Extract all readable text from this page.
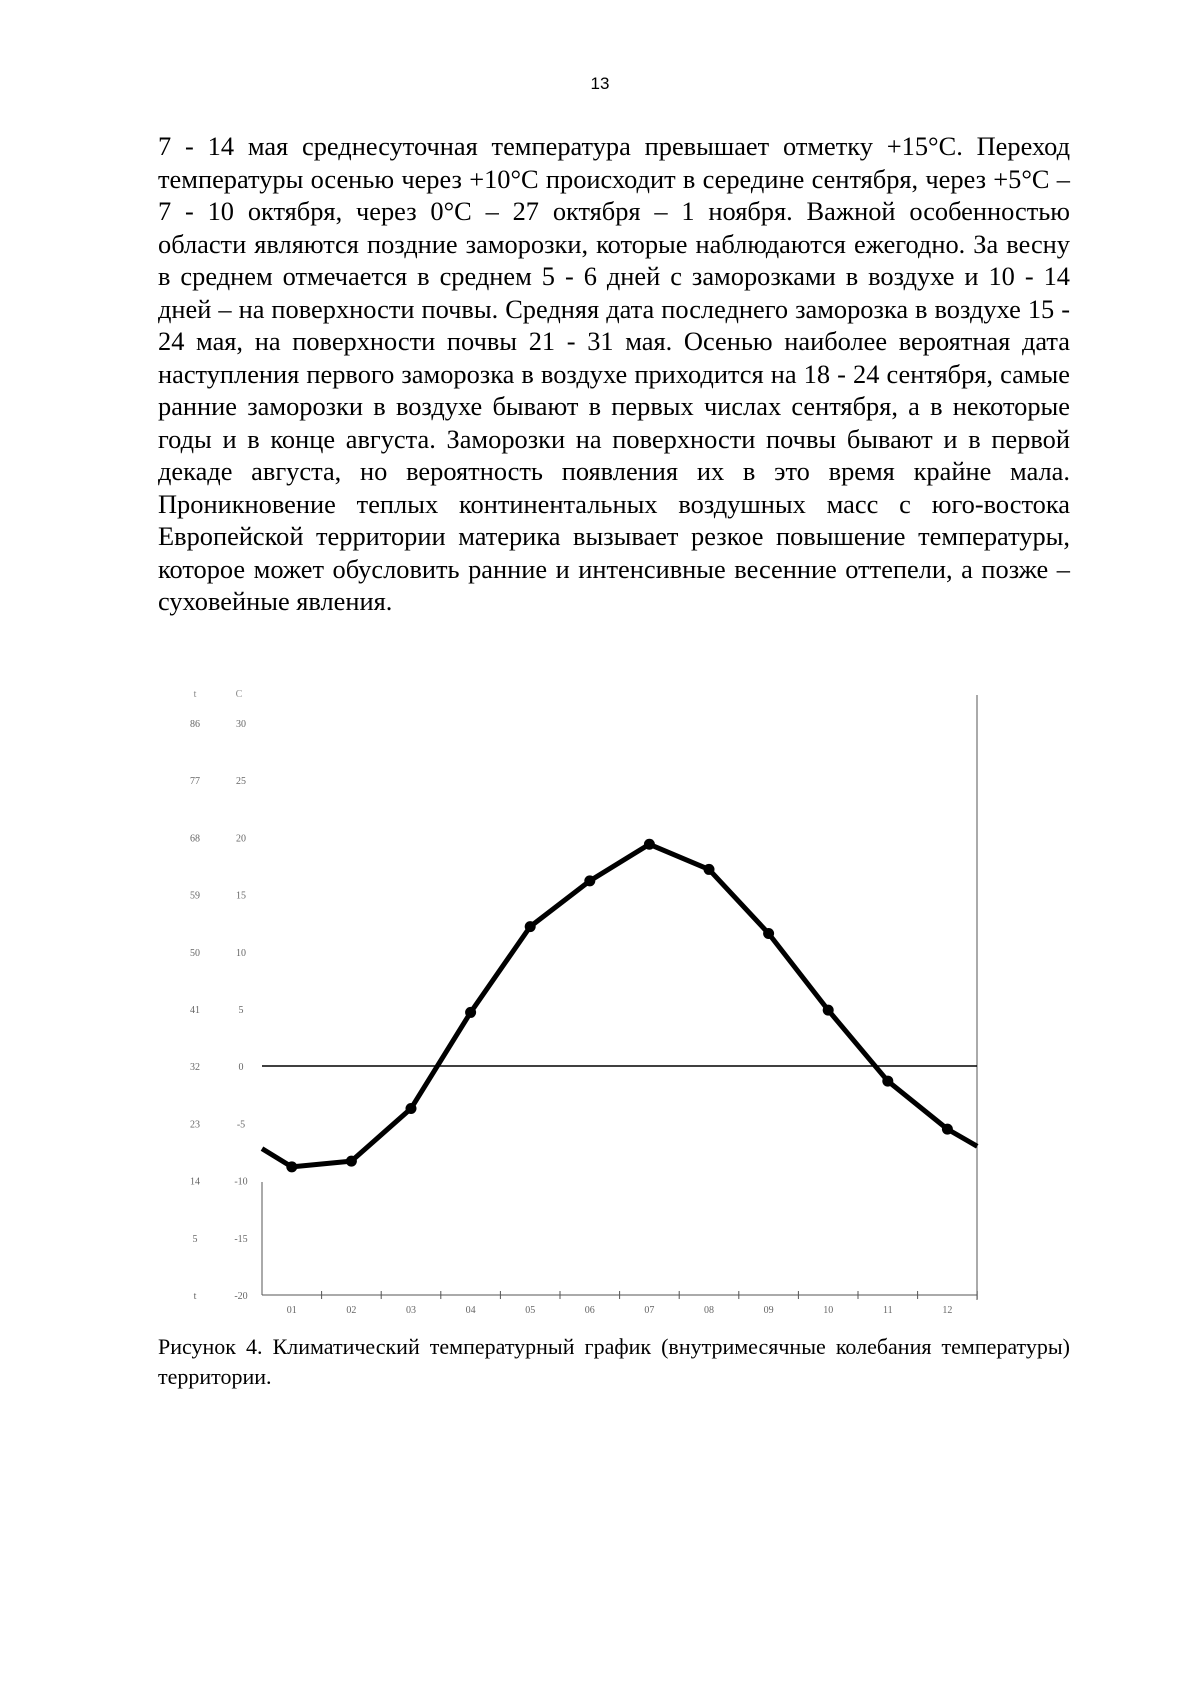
13

7 - 14 мая среднесуточная температура превышает отметку +15°С. Переход температуры осенью через +10°С происходит в середине сентября, через +5°С – 7 - 10 октября, через 0°С – 27 октября – 1 ноября. Важной особенностью области являются поздние заморозки, которые наблюдаются ежегодно. За весну в среднем отмечается в среднем 5 - 6 дней с заморозками в воздухе и 10 - 14 дней – на поверхности почвы. Средняя дата последнего заморозка в воздухе 15 - 24 мая, на поверхности почвы 21 - 31 мая. Осенью наиболее вероятная дата наступления первого заморозка в воздухе приходится на 18 - 24 сентября, самые ранние заморозки в воздухе бывают в первых числах сентября, а в некоторые годы и в конце августа. Заморозки на поверхности почвы бывают и в первой декаде августа, но вероятность появления их в это время крайне мала. Проникновение теплых континентальных воздушных масс с юго-востока Европейской территории материка вызывает резкое повышение температуры, которое может обусловить ранние и интенсивные весенние оттепели, а позже – суховейные явления.

01	02	03	04	05	06	07	08	09	10	11	12
30
86
25
77
20
68
15
59
10
50
5
41
0
32
-5
23
-10
14
-15
5
-20
t
t	C

Рисунок 4. Климатический температурный график (внутримесячные колебания температуры) территории.
